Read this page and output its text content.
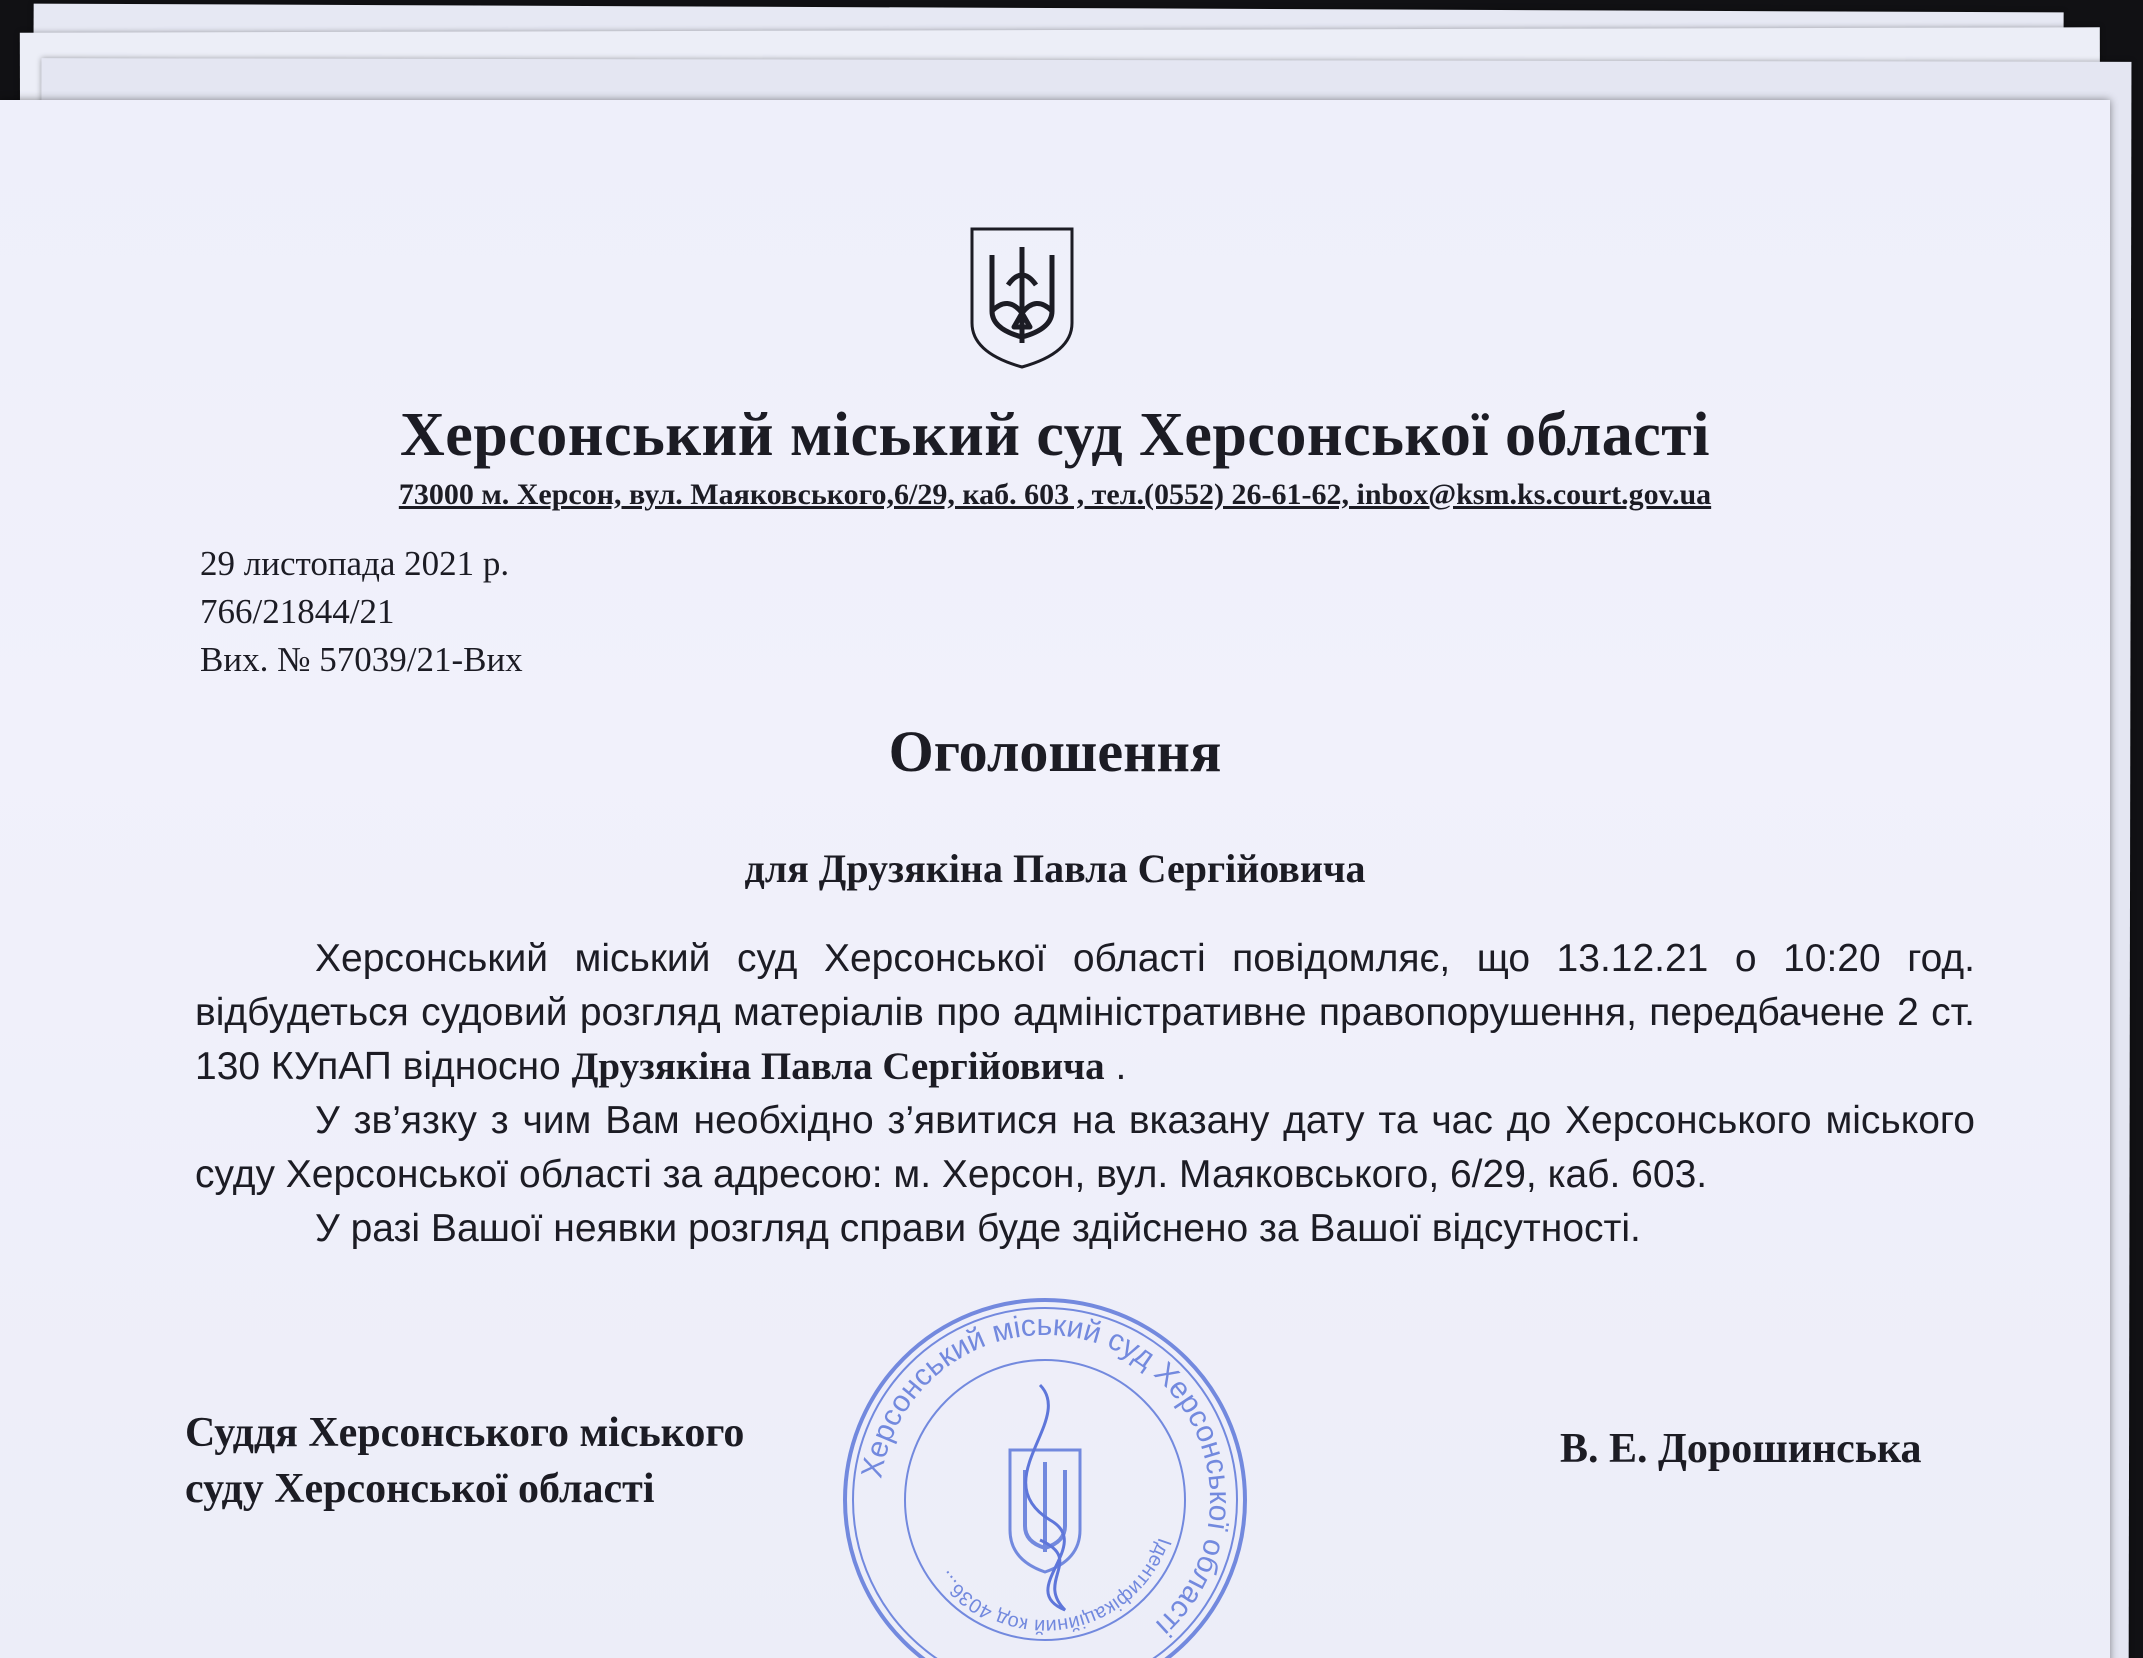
Херсонський міський суд Херсонської області
73000 м. Херсон, вул. Маяковського,6/29, каб. 603 , тел.(0552) 26-61-62, inbox@ksm.ks.court.gov.ua
29 листопада 2021 р.
766/21844/21
Вих. № 57039/21-Вих
Оголошення
для Друзякіна Павла Сергійовича

Херсонський міський суд Херсонської області повідомляє, що 13.12.21 о 10:20 год. відбудеться судовий розгляд матеріалів про адміністративне правопорушення, передбачене 2 ст. 130 КУпАП відносно Друзякіна Павла Сергійовича .

У зв’язку з чим Вам необхідно з’явитися на вказану дату та час до Херсонського міського суду Херсонської області за адресою: м. Херсон, вул. Маяковського, 6/29, каб. 603.

У разі Вашої неявки розгляд справи буде здійснено за Вашої відсутності.

Суддя Херсонського міського
суду Херсонської області
В. Е. Дорошинська
Херсонський міський суд Херсонської області
Ідентифікаційний код 4036...
